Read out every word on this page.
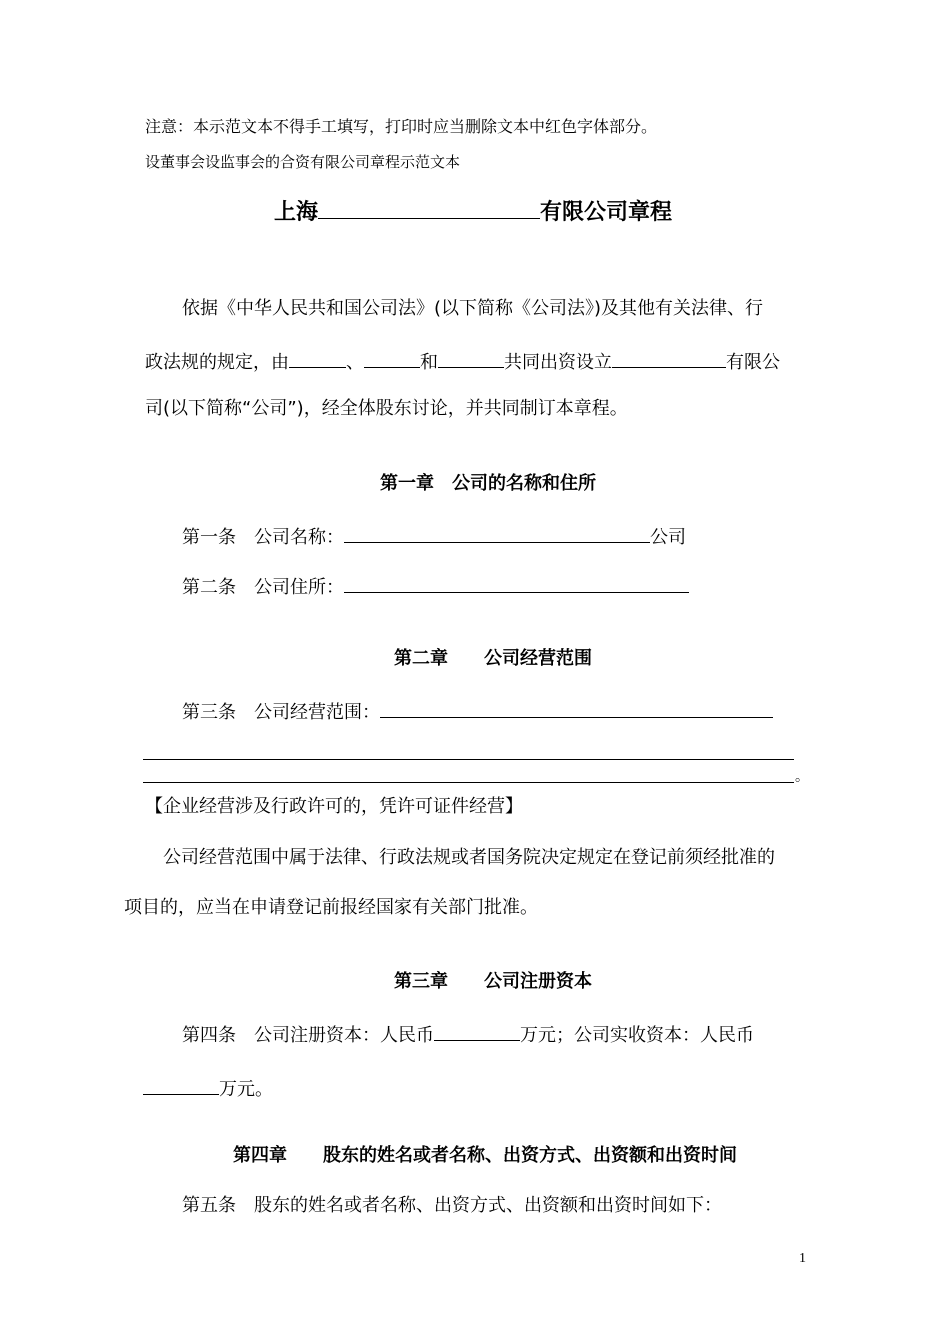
注意：本示范文本不得手工填写，打印时应当删除文本中红色字体部分。
设董事会设监事会的合资有限公司章程示范文本
上海	有限公司章程
依据《中华人民共和国公司法》(以下简称《公司法》)及其他有关法律、行
政法规的规定，由	、	和	共同出资设立	有限公
司(以下简称“公司”)，经全体股东讨论，并共同制订本章程。
第一章　公司的名称和住所
第一条　公司名称：	公司
第二条　公司住所：
第二章　　公司经营范围
第三条　公司经营范围：
。
【企业经营涉及行政许可的，凭许可证件经营】
公司经营范围中属于法律、行政法规或者国务院决定规定在登记前须经批准的
项目的，应当在申请登记前报经国家有关部门批准。
第三章　　公司注册资本
第四条　公司注册资本：人民币	万元；公司实收资本：人民币
万元。
第四章　　股东的姓名或者名称、出资方式、出资额和出资时间
第五条　股东的姓名或者名称、出资方式、出资额和出资时间如下：
1
